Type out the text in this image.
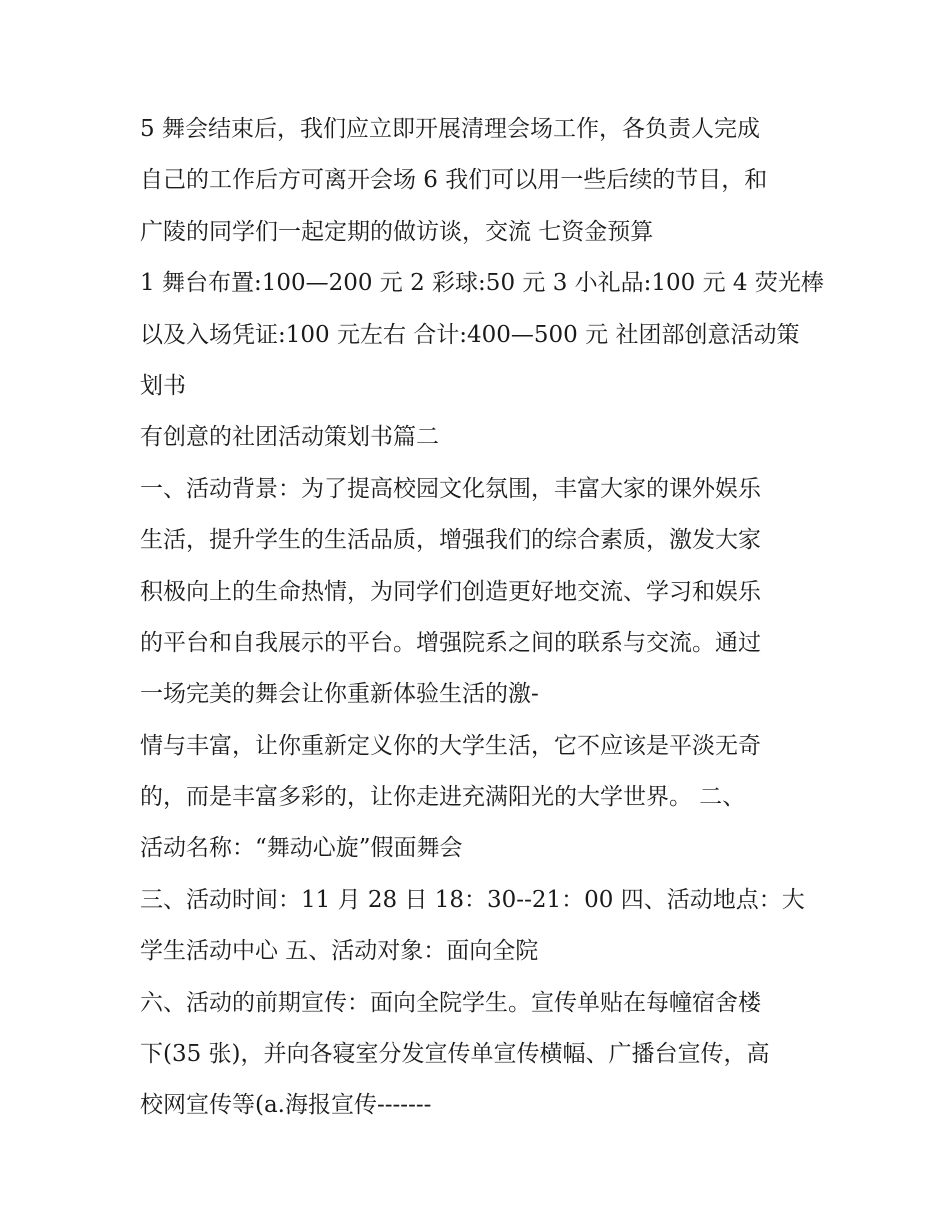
5 舞会结束后，我们应立即开展清理会场工作，各负责人完成
自己的工作后方可离开会场 6 我们可以用一些后续的节目，和
广陵的同学们一起定期的做访谈，交流 七资金预算
1 舞台布置:100—200 元 2 彩球:50 元 3 小礼品:100 元 4 荧光棒
以及入场凭证:100 元左右 合计:400—500 元 社团部创意活动策
划书
有创意的社团活动策划书篇二
一、活动背景：为了提高校园文化氛围，丰富大家的课外娱乐
生活，提升学生的生活品质，增强我们的综合素质，激发大家
积极向上的生命热情，为同学们创造更好地交流、学习和娱乐
的平台和自我展示的平台。增强院系之间的联系与交流。通过
一场完美的舞会让你重新体验生活的激-
情与丰富，让你重新定义你的大学生活，它不应该是平淡无奇
的，而是丰富多彩的，让你走进充满阳光的大学世界。 二、
活动名称：“舞动心旋”假面舞会
三、活动时间：11 月 28 日 18：30--21：00 四、活动地点：大
学生活动中心 五、活动对象：面向全院
六、活动的前期宣传：面向全院学生。宣传单贴在每幢宿舍楼
下(35 张)，并向各寝室分发宣传单宣传横幅、广播台宣传，高
校网宣传等(a.海报宣传-------
